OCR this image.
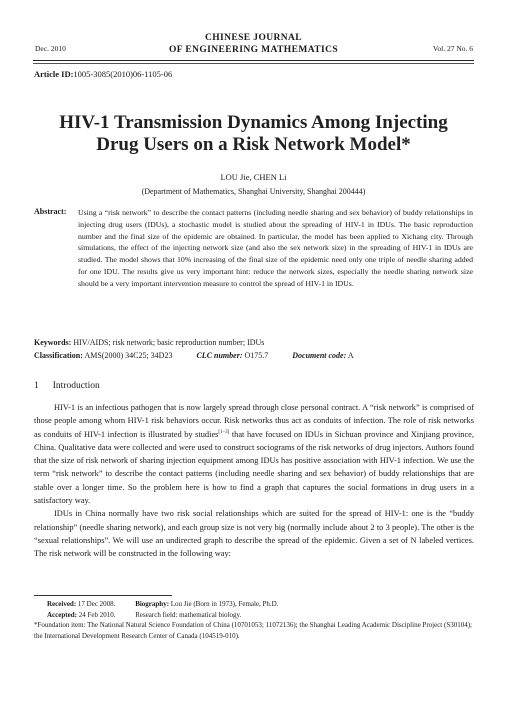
Dec. 2010
CHINESE JOURNAL
OF ENGINEERING MATHEMATICS	Vol. 27 No. 6
Article ID:1005-3085(2010)06-1105-06
HIV-1 Transmission Dynamics Among Injecting
Drug Users on a Risk Network Model*
LOU Jie, CHEN Li
(Department of Mathematics, Shanghai University, Shanghai 200444)
Abstract: Using a “risk network” to describe the contact patterns (including needle sharing and sex behavior) of buddy relationships in injecting drug users (IDUs), a stochastic model is studied about the spreading of HIV-1 in IDUs. The basic reproduction number and the final size of the epidemic are obtained. In particular, the model has been applied to Xichang city. Through simulations, the effect of the injecting network size (and also the sex network size) in the spreading of HIV-1 in IDUs are studied. The model shows that 10% increasing of the final size of the epidemic need only one triple of needle sharing added for one IDU. The results give us very important hint: reduce the network sizes, especially the needle sharing network size should be a very important intervention measure to control the spread of HIV-1 in IDUs.
Keywords: HIV/AIDS; risk network; basic reproduction number; IDUs
Classification: AMS(2000) 34C25; 34D23	CLC number: O175.7	Document code: A
1 Introduction

HIV-1 is an infectious pathogen that is now largely spread through close personal contract. A “risk network” is comprised of those people among whom HIV-1 risk behaviors occur. Risk networks thus act as conduits of infection. The role of risk networks as conduits of HIV-1 infection is illustrated by studies[1–3] that have focused on IDUs in Sichuan province and Xinjiang province, China. Qualitative data were collected and were used to construct sociograms of the risk networks of drug injectors. Authors found that the size of risk network of sharing injection equipment among IDUs has positive association with HIV-1 infection. We use the term “risk network” to describe the contact patterns (including needle sharing and sex behavior) of buddy relationships that are stable over a longer time. So the problem here is how to find a graph that captures the social formations in drug users in a satisfactory way.

IDUs in China normally have two risk social relationships which are suited for the spread of HIV-1: one is the “buddy relationship” (needle sharing network), and each group size is not very big (normally include about 2 to 3 people). The other is the “sexual relationships”. We will use an undirected graph to describe the spread of the epidemic. Given a set of N labeled vertices. The risk network will be constructed in the following way:

Received: 17 Dec 2008.	Biography: Lou Jie (Born in 1973), Female, Ph.D.
Accepted: 24 Feb 2010.	Research field: mathematical biology.

*Foundation item: The National Natural Science Foundation of China (10701053; 11072136); the Shanghai Leading Academic Discipline Project (S30104); the International Development Research Center of Canada (104519-010).
